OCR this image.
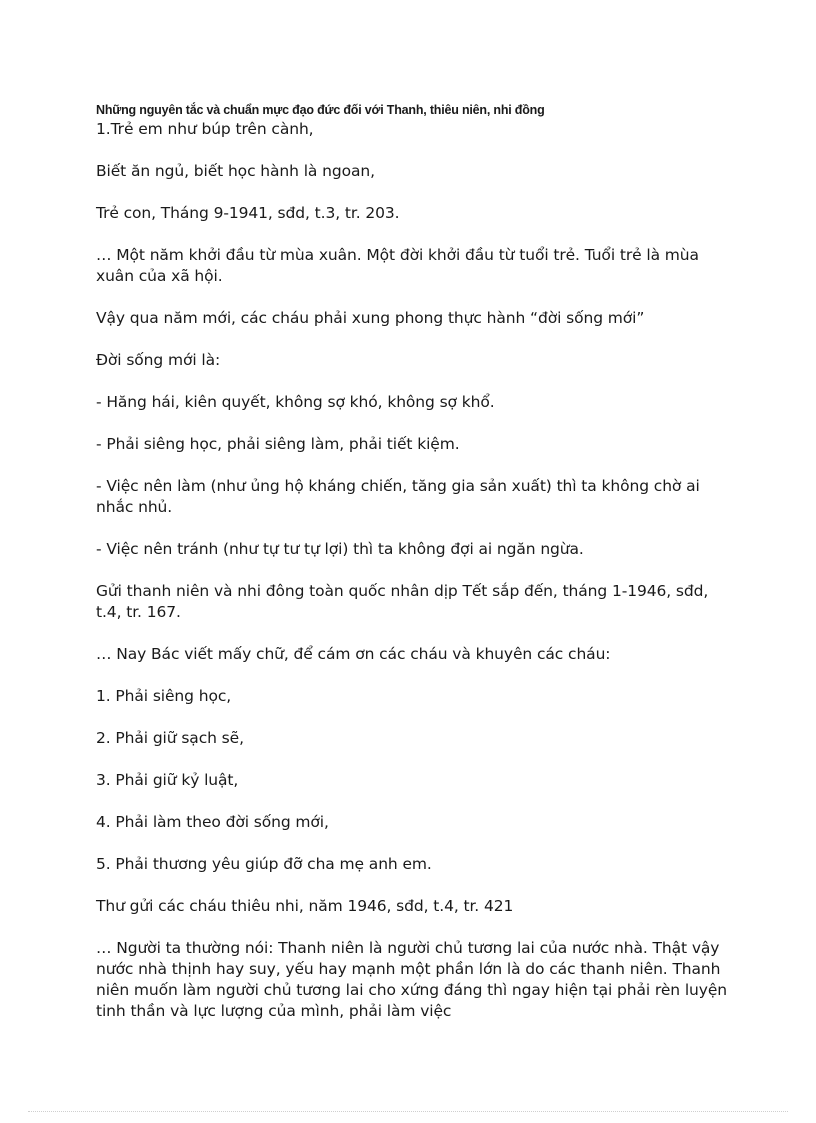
Những nguyên tắc và chuẩn mực đạo đức đối với Thanh, thiêu niên, nhi đồng

1.Trẻ em như búp trên cành,

Biết ăn ngủ, biết học hành là ngoan,

Trẻ con, Tháng 9-1941, sđd, t.3, tr. 203.

… Một năm khởi đầu từ mùa xuân. Một đời khởi đầu từ tuổi trẻ. Tuổi trẻ là mùa xuân của xã hội.

Vậy qua năm mới, các cháu phải xung phong thực hành “đời sống mới”

Đời sống mới là:

- Hăng hái, kiên quyết, không sợ khó, không sợ khổ.

- Phải siêng học, phải siêng làm, phải tiết kiệm.

- Việc nên làm (như ủng hộ kháng chiến, tăng gia sản xuất) thì ta không chờ ai nhắc nhủ.

- Việc nên tránh (như tự tư tự lợi) thì ta không đợi ai ngăn ngừa.

Gửi thanh niên và nhi đông toàn quốc nhân dịp Tết sắp đến, tháng 1-1946, sđd, t.4, tr. 167.

… Nay Bác viết mấy chữ, để cám ơn các cháu và khuyên các cháu:

1. Phải siêng học,

2. Phải giữ sạch sẽ,

3. Phải giữ kỷ luật,

4. Phải làm theo đời sống mới,

5. Phải thương yêu giúp đỡ cha mẹ anh em.

Thư gửi các cháu thiêu nhi, năm 1946, sđd, t.4, tr. 421

… Người ta thường nói: Thanh niên là người chủ tương lai của nước nhà. Thật vậy nước nhà thịnh hay suy, yếu hay mạnh một phần lớn là do các thanh niên. Thanh niên muốn làm người chủ tương lai cho xứng đáng thì ngay hiện tại phải rèn luyện tinh thần và lực lượng của mình, phải làm việc
